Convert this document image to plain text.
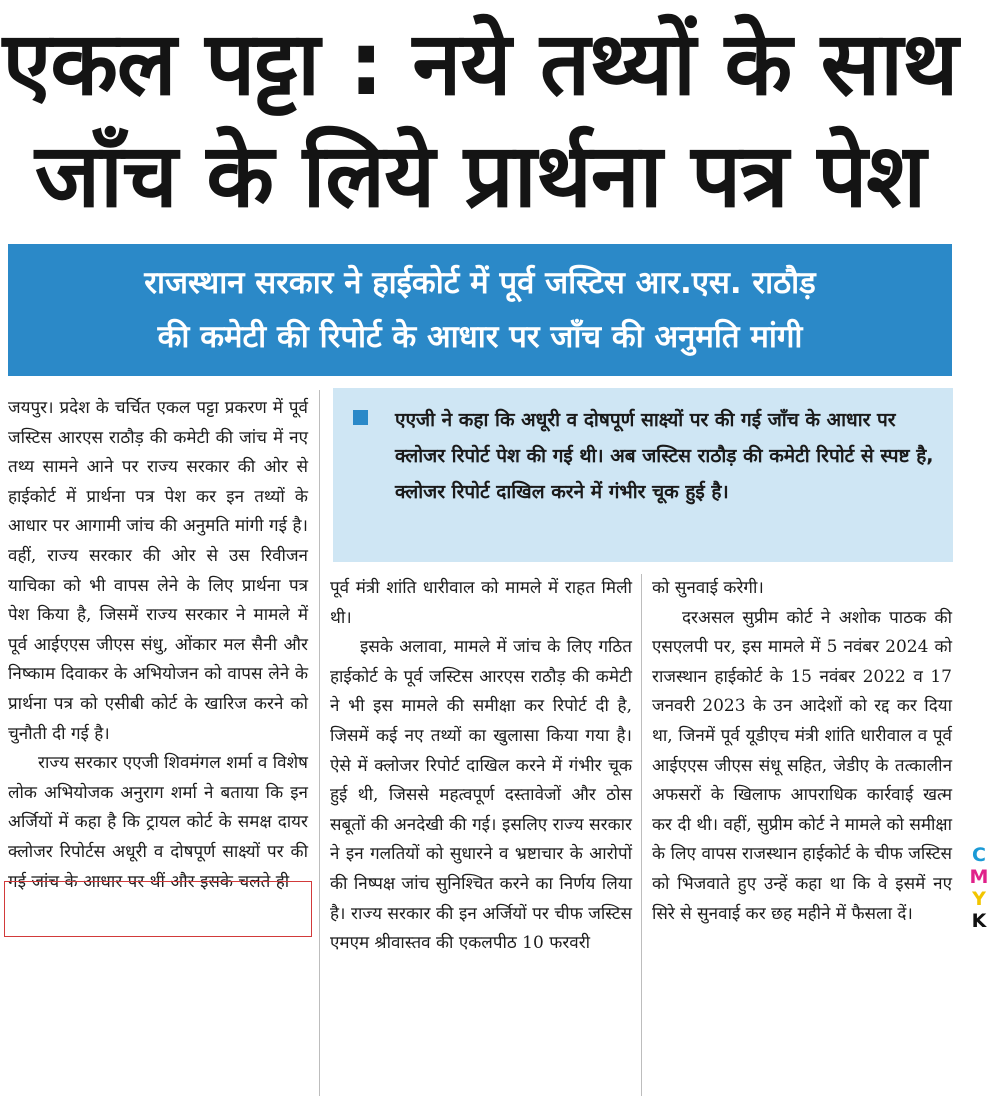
एकल पट्टा : नये तथ्यों के साथ
जाँच के लिये प्रार्थना पत्र पेश
राजस्थान सरकार ने हाईकोर्ट में पूर्व जस्टिस आर.एस. राठौड़
की कमेटी की रिपोर्ट के आधार पर जाँच की अनुमति मांगी

जयपुर। प्रदेश के चर्चित एकल पट्टा प्रकरण में पूर्व जस्टिस आरएस राठौड़ की कमेटी की जांच में नए तथ्य सामने आने पर राज्य सरकार की ओर से हाईकोर्ट में प्रार्थना पत्र पेश कर इन तथ्यों के आधार पर आगामी जांच की अनुमति मांगी गई है। वहीं, राज्य सरकार की ओर से उस रिवीजन याचिका को भी वापस लेने के लिए प्रार्थना पत्र पेश किया है, जिसमें राज्य सरकार ने मामले में पूर्व आईएएस जीएस संधु, ओंकार मल सैनी और निष्काम दिवाकर के अभियोजन को वापस लेने के प्रार्थना पत्र को एसीबी कोर्ट के खारिज करने को चुनौती दी गई है।

राज्य सरकार एएजी शिवमंगल शर्मा व विशेष लोक अभियोजक अनुराग शर्मा ने बताया कि इन अर्जियों में कहा है कि ट्रायल कोर्ट के समक्ष दायर क्लोजर रिपोर्टस अधूरी व दोषपूर्ण साक्ष्यों पर की गई जांच के आधार पर थीं और इसके चलते ही

एएजी ने कहा कि अधूरी व दोषपूर्ण साक्ष्यों पर की गई जाँच के आधार पर क्लोजर रिपोर्ट पेश की गई थी। अब जस्टिस राठौड़ की कमेटी रिपोर्ट से स्पष्ट है, क्लोजर रिपोर्ट दाखिल करने में गंभीर चूक हुई है।

पूर्व मंत्री शांति धारीवाल को मामले में राहत मिली थी।

इसके अलावा, मामले में जांच के लिए गठित हाईकोर्ट के पूर्व जस्टिस आरएस राठौड़ की कमेटी ने भी इस मामले की समीक्षा कर रिपोर्ट दी है, जिसमें कई नए तथ्यों का खुलासा किया गया है। ऐसे में क्लोजर रिपोर्ट दाखिल करने में गंभीर चूक हुई थी, जिससे महत्वपूर्ण दस्तावेजों और ठोस सबूतों की अनदेखी की गई। इसलिए राज्य सरकार ने इन गलतियों को सुधारने व भ्रष्टाचार के आरोपों की निष्पक्ष जांच सुनिश्चित करने का निर्णय लिया है। राज्य सरकार की इन अर्जियों पर चीफ जस्टिस एमएम श्रीवास्तव की एकलपीठ 10 फरवरी

को सुनवाई करेगी।

दरअसल सुप्रीम कोर्ट ने अशोक पाठक की एसएलपी पर, इस मामले में 5 नवंबर 2024 को राजस्थान हाईकोर्ट के 15 नवंबर 2022 व 17 जनवरी 2023 के उन आदेशों को रद्द कर दिया था, जिनमें पूर्व यूडीएच मंत्री शांति धारीवाल व पूर्व आईएएस जीएस संधू सहित, जेडीए के तत्कालीन अफसरों के खिलाफ आपराधिक कार्रवाई खत्म कर दी थी। वहीं, सुप्रीम कोर्ट ने मामले को समीक्षा के लिए वापस राजस्थान हाईकोर्ट के चीफ जस्टिस को भिजवाते हुए उन्हें कहा था कि वे इसमें नए सिरे से सुनवाई कर छह महीने में फैसला दें।

C
M
Y
K
